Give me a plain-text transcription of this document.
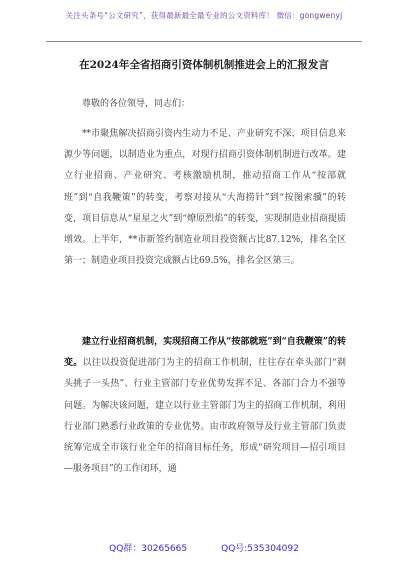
关注头条号“公文研究”，获得最新最全最专业的公文资料库！ 微信：gongwenyj
在2024年全省招商引资体制机制推进会上的汇报发言
尊敬的各位领导，同志们：
**市聚焦解决招商引资内生动力不足、产业研究不深、项目信息来源少等问题，以制造业为重点，对现行招商引资体制机制进行改革。建立行业招商、产业研究、考核激励机制，推动招商工作从“按部就班”到“自我鞭策”的转变，考察对接从“大海捞针”到“按图索骥”的转变，项目信息从“星星之火”到“燎原烈焰”的转变，实现制造业招商提质增效。上半年，**市新签约制造业项目投资额占比87.12%，排名全区第一；制造业项目投资完成额占比69.5%，排名全区第三。
建立行业招商机制，实现招商工作从“按部就班”到“自我鞭策”的转变。以往以投资促进部门为主的招商工作机制，往往存在牵头部门“剃头挑子一头热”、行业主管部门专业优势发挥不足、各部门合力不强等问题。为解决该问题，建立以行业主管部门为主的招商工作机制，利用行业部门熟悉行业政策的专业优势。由市政府领导及行业主管部门负责统筹完成全市该行业全年的招商目标任务，形成“研究项目—招引项目—服务项目”的工作闭环，通
QQ群：30265665	QQ号:535304092
